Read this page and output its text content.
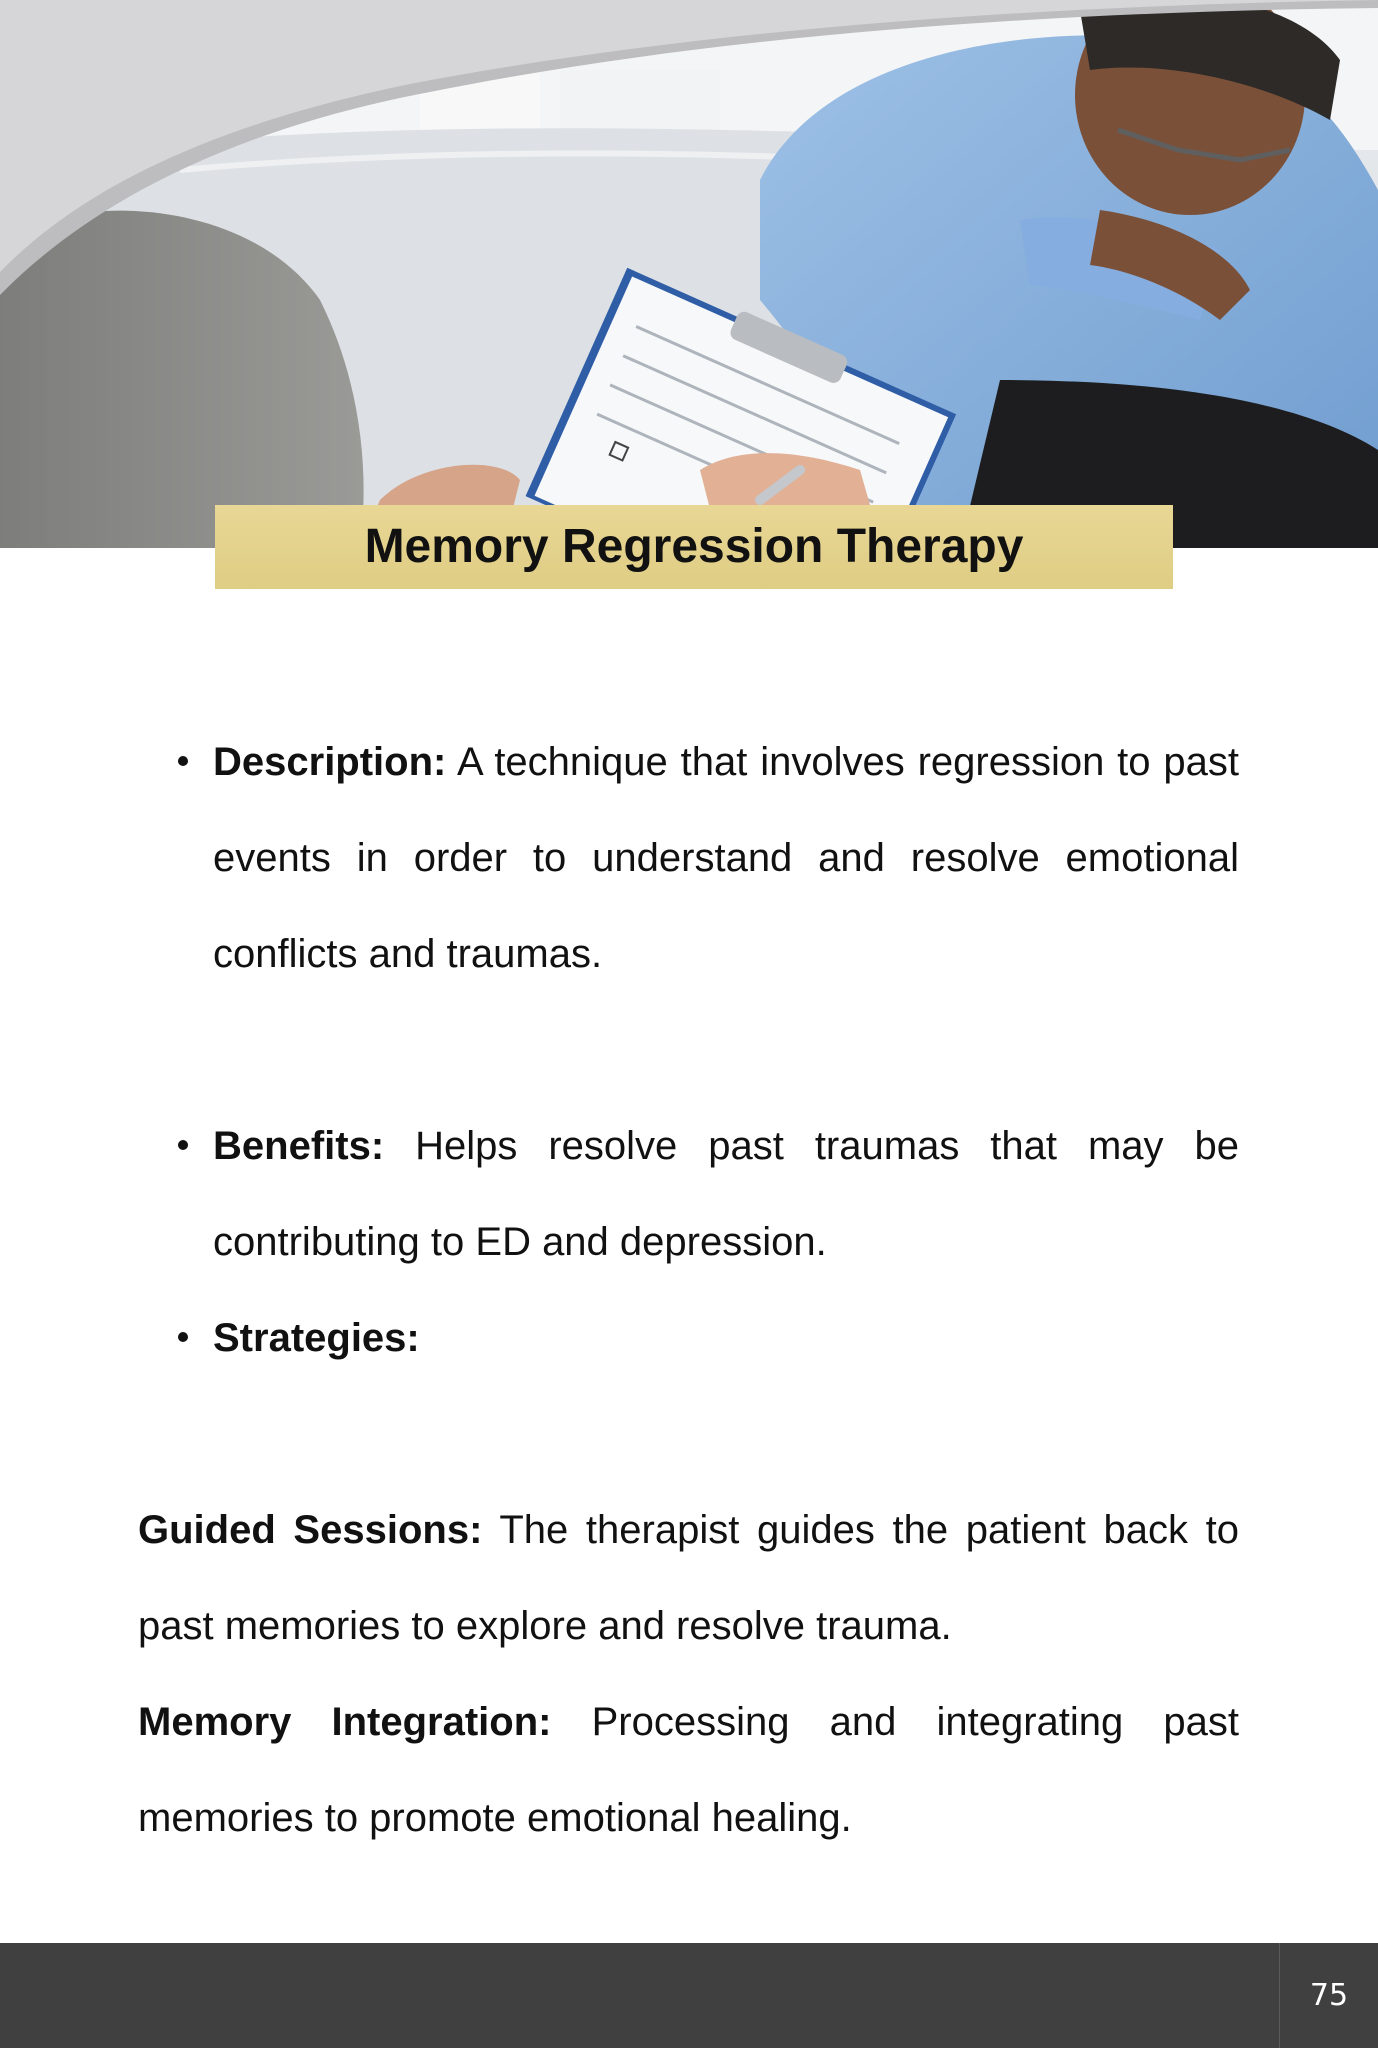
Memory Regression Therapy
Description: A technique that involves regression to past events in order to understand and resolve emotional conflicts and traumas.
Benefits: Helps resolve past traumas that may be contributing to ED and depression.
Strategies:
Guided Sessions: The therapist guides the patient back to past memories to explore and resolve trauma.
Memory Integration: Processing and integrating past memories to promote emotional healing.
75
